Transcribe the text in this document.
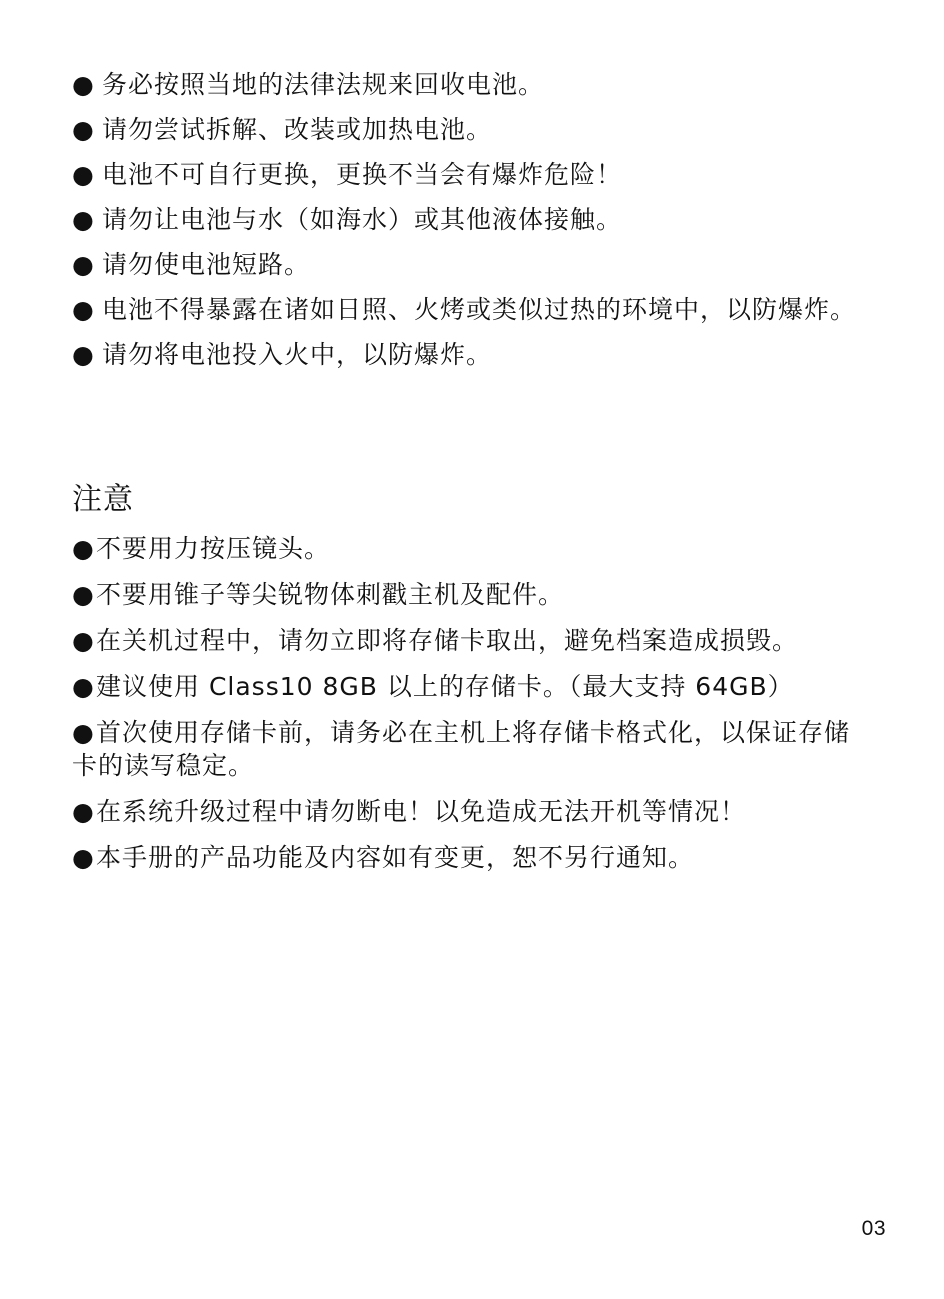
● 务必按照当地的法律法规来回收电池。

● 请勿尝试拆解、改装或加热电池。

● 电池不可自行更换，更换不当会有爆炸危险！

● 请勿让电池与水（如海水）或其他液体接触。

● 请勿使电池短路。

● 电池不得暴露在诸如日照、火烤或类似过热的环境中，以防爆炸。

● 请勿将电池投入火中，以防爆炸。

注意

●不要用力按压镜头。

●不要用锥子等尖锐物体刺戳主机及配件。

●在关机过程中，请勿立即将存储卡取出，避免档案造成损毁。

●建议使用 Class10 8GB 以上的存储卡。（最大支持 64GB）

●首次使用存储卡前，请务必在主机上将存储卡格式化，以保证存储卡的读写稳定。

●在系统升级过程中请勿断电！以免造成无法开机等情况！

●本手册的产品功能及内容如有变更，恕不另行通知。

03
